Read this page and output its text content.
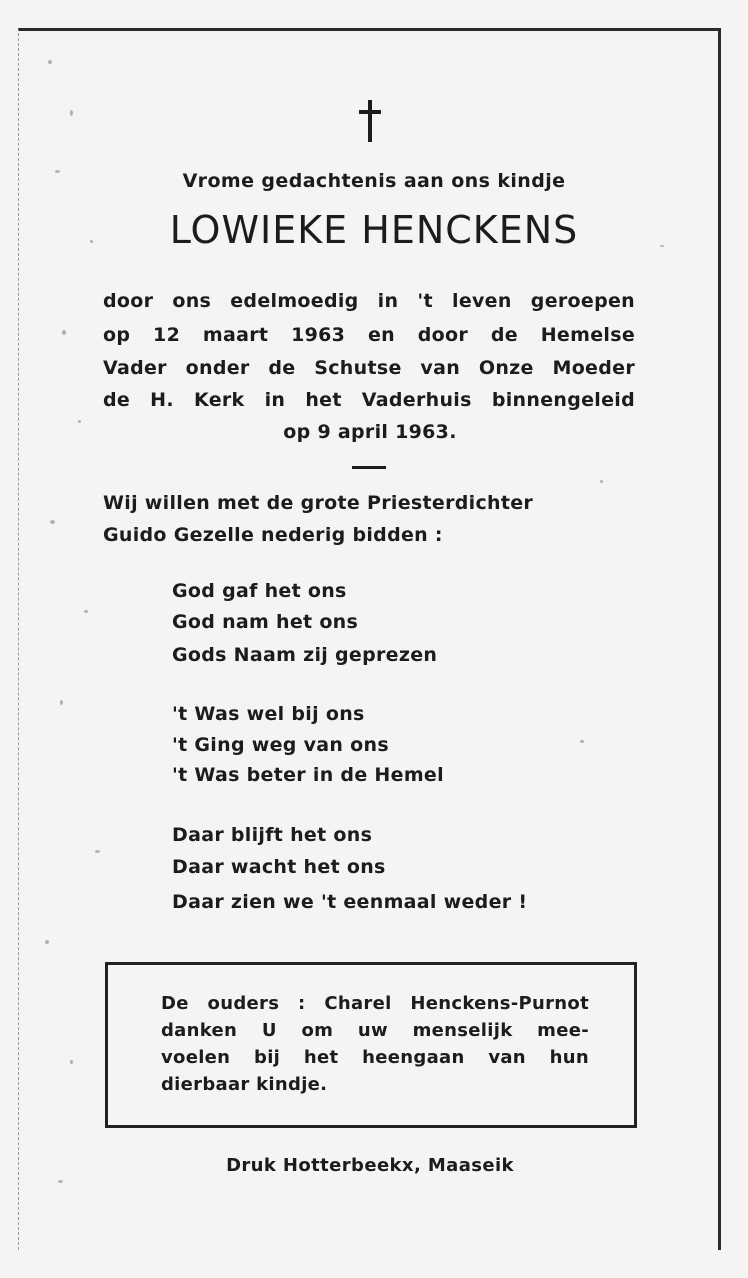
Vrome gedachtenis aan ons kindje
LOWIEKE HENCKENS
door ons edelmoedig in 't leven geroepen
op 12 maart 1963 en door de Hemelse
Vader onder de Schutse van Onze Moeder
de H. Kerk in het Vaderhuis binnengeleid
op 9 april 1963.
Wij willen met de grote Priesterdichter
Guido Gezelle nederig bidden :
God gaf het ons
God nam het ons
Gods Naam zij geprezen
't Was wel bij ons
't Ging weg van ons
't Was beter in de Hemel
Daar blijft het ons
Daar wacht het ons
Daar zien we 't eenmaal weder !
De ouders : Charel Henckens-Purnot
danken U om uw menselijk mee-
voelen bij het heengaan van hun
dierbaar kindje.
Druk Hotterbeekx, Maaseik
